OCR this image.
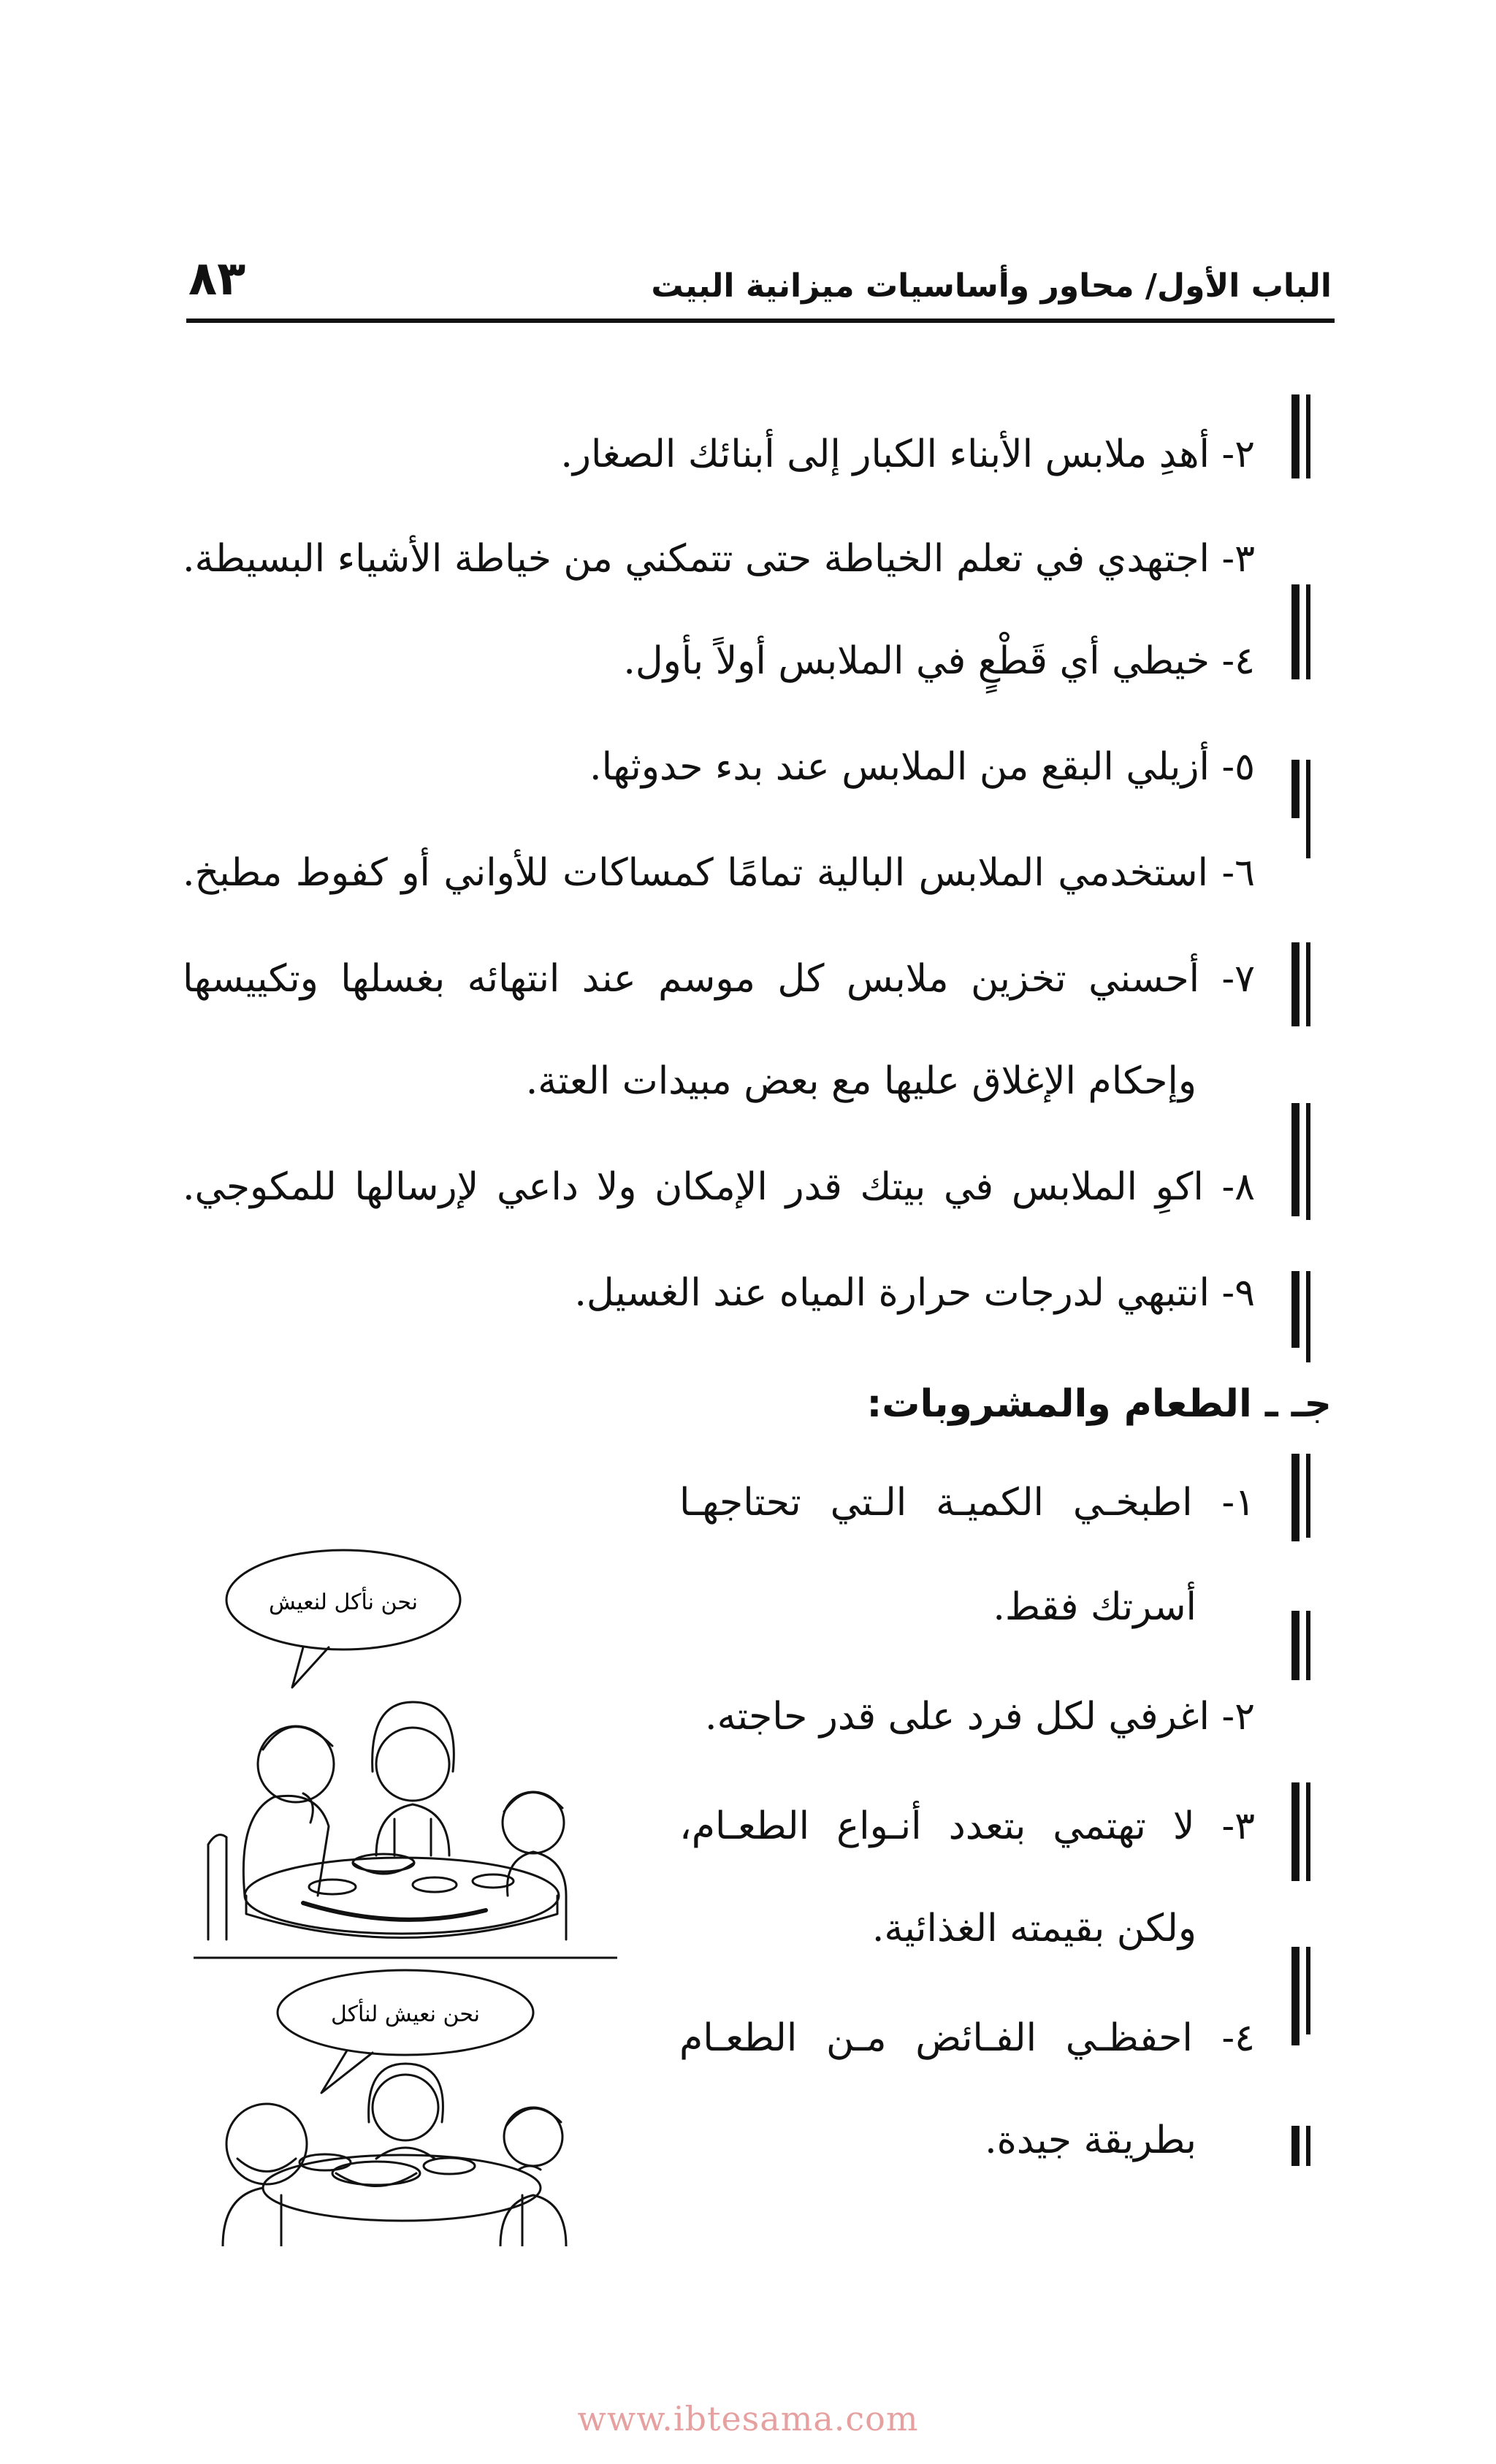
الباب الأول/ محاور وأساسيات ميزانية البيت
٨٣
٢- أهدِ ملابس الأبناء الكبار إلى أبنائك الصغار.
٣- اجتهدي في تعلم الخياطة حتى تتمكني من خياطة الأشياء البسيطة.
٤- خيطي أي قَطْعٍ في الملابس أولاً بأول.
٥- أزيلي البقع من الملابس عند بدء حدوثها.
٦- استخدمي الملابس البالية تمامًا كمساكات للأواني أو كفوط مطبخ.
٧- أحسني تخزين ملابس كل موسم عند انتهائه بغسلها وتكييسها
وإحكام الإغلاق عليها مع بعض مبيدات العتة.
٨- اكوِ الملابس في بيتك قدر الإمكان ولا داعي لإرسالها للمكوجي.
٩- انتبهي لدرجات حرارة المياه عند الغسيل.
جـ ـ الطعام والمشروبات:
١- اطبخـي الكميـة الـتي تحتاجهـا
أسرتك فقط.
٢- اغرفي لكل فرد على قدر حاجته.
٣- لا تهتمي بتعدد أنـواع الطعـام،
ولكن بقيمته الغذائية.
٤- احفظـي الفـائض مـن الطعـام
بطريقة جيدة.
نحن نأكل لنعيش
نحن نعيش لنأكل
www.ibtesama.com
